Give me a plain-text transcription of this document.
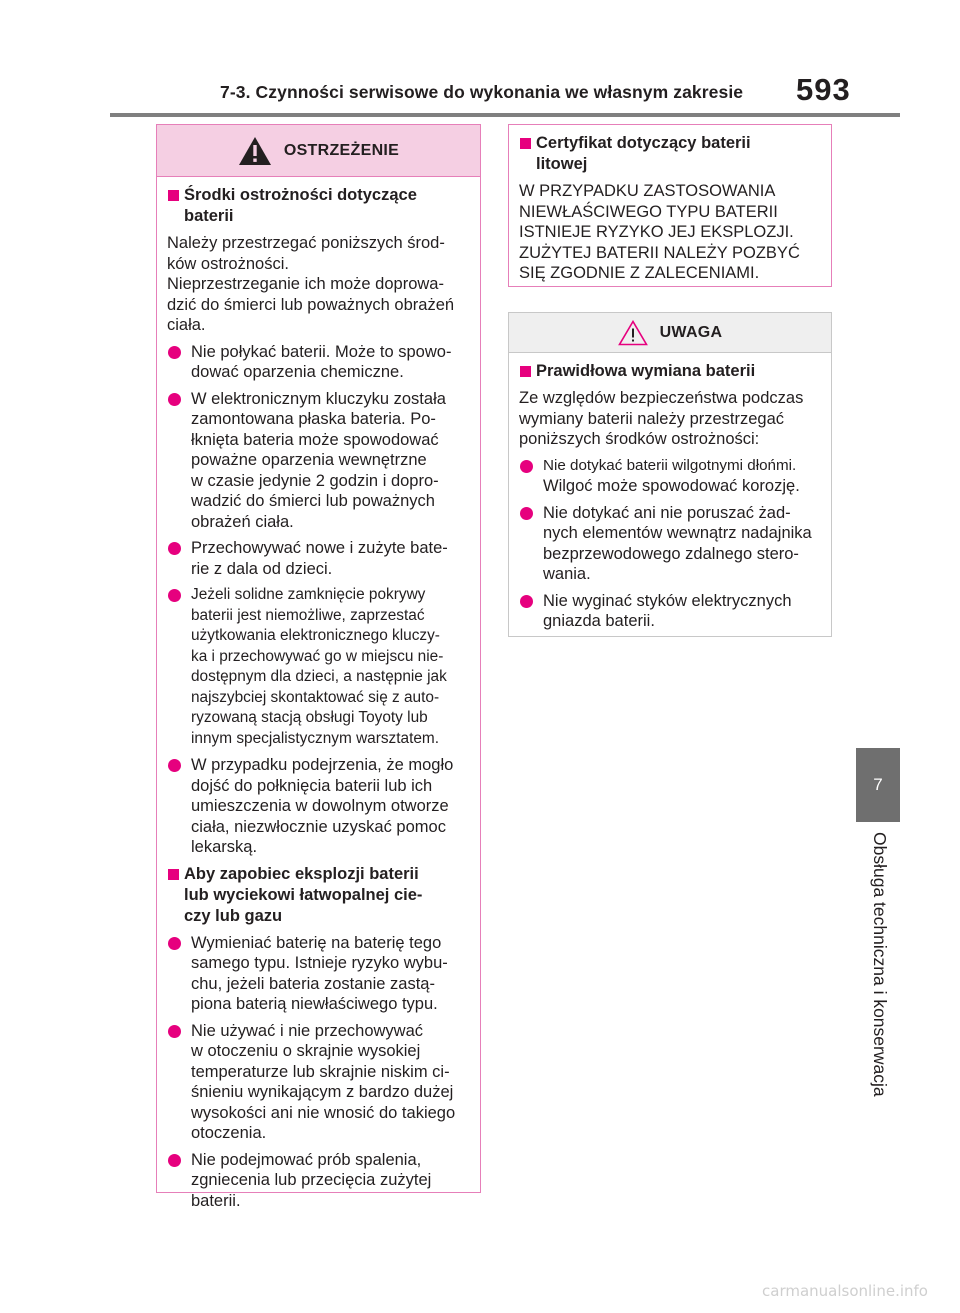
7-3. Czynności serwisowe do wykonania we własnym zakresie 593
7
Obsługa techniczna i konserwacja
OSTRZEŻENIE
Środki ostrożności dotyczące
baterii
Należy przestrzegać poniższych środ-
ków ostrożności.
Nieprzestrzeganie ich może doprowa-
dzić do śmierci lub poważnych obrażeń
ciała.
Nie połykać baterii. Może to spowo-
dować oparzenia chemiczne.
W elektronicznym kluczyku została
zamontowana płaska bateria. Po-
łknięta bateria może spowodować
poważne oparzenia wewnętrzne
w czasie jedynie 2 godzin i dopro-
wadzić do śmierci lub poważnych
obrażeń ciała.
Przechowywać nowe i zużyte bate-
rie z dala od dzieci.
Jeżeli solidne zamknięcie pokrywy
baterii jest niemożliwe, zaprzestać
użytkowania elektronicznego kluczy-
ka i przechowywać go w miejscu nie-
dostępnym dla dzieci, a następnie jak
najszybciej skontaktować się z auto-
ryzowaną stacją obsługi Toyoty lub
innym specjalistycznym warsztatem.
W przypadku podejrzenia, że mogło
dojść do połknięcia baterii lub ich
umieszczenia w dowolnym otworze
ciała, niezwłocznie uzyskać pomoc
lekarską.
Aby zapobiec eksplozji baterii
lub wyciekowi łatwopalnej cie-
czy lub gazu
Wymieniać baterię na baterię tego
samego typu. Istnieje ryzyko wybu-
chu, jeżeli bateria zostanie zastą-
piona baterią niewłaściwego typu.
Nie używać i nie przechowywać
w otoczeniu o skrajnie wysokiej
temperaturze lub skrajnie niskim ci-
śnieniu wynikającym z bardzo dużej
wysokości ani nie wnosić do takiego
otoczenia.
Nie podejmować prób spalenia,
zgniecenia lub przecięcia zużytej
baterii.
Certyfikat dotyczący baterii
litowej
W PRZYPADKU ZASTOSOWANIA
NIEWŁAŚCIWEGO TYPU BATERII
ISTNIEJE RYZYKO JEJ EKSPLOZJI.
ZUŻYTEJ BATERII NALEŻY POZBYĆ
SIĘ ZGODNIE Z ZALECENIAMI.
UWAGA
Prawidłowa wymiana baterii
Ze względów bezpieczeństwa podczas
wymiany baterii należy przestrzegać
poniższych środków ostrożności:
Nie dotykać baterii wilgotnymi dłońmi.
Wilgoć może spowodować korozję.
Nie dotykać ani nie poruszać żad-
nych elementów wewnątrz nadajnika
bezprzewodowego zdalnego stero-
wania.
Nie wyginać styków elektrycznych
gniazda baterii.
carmanualsonline.info
